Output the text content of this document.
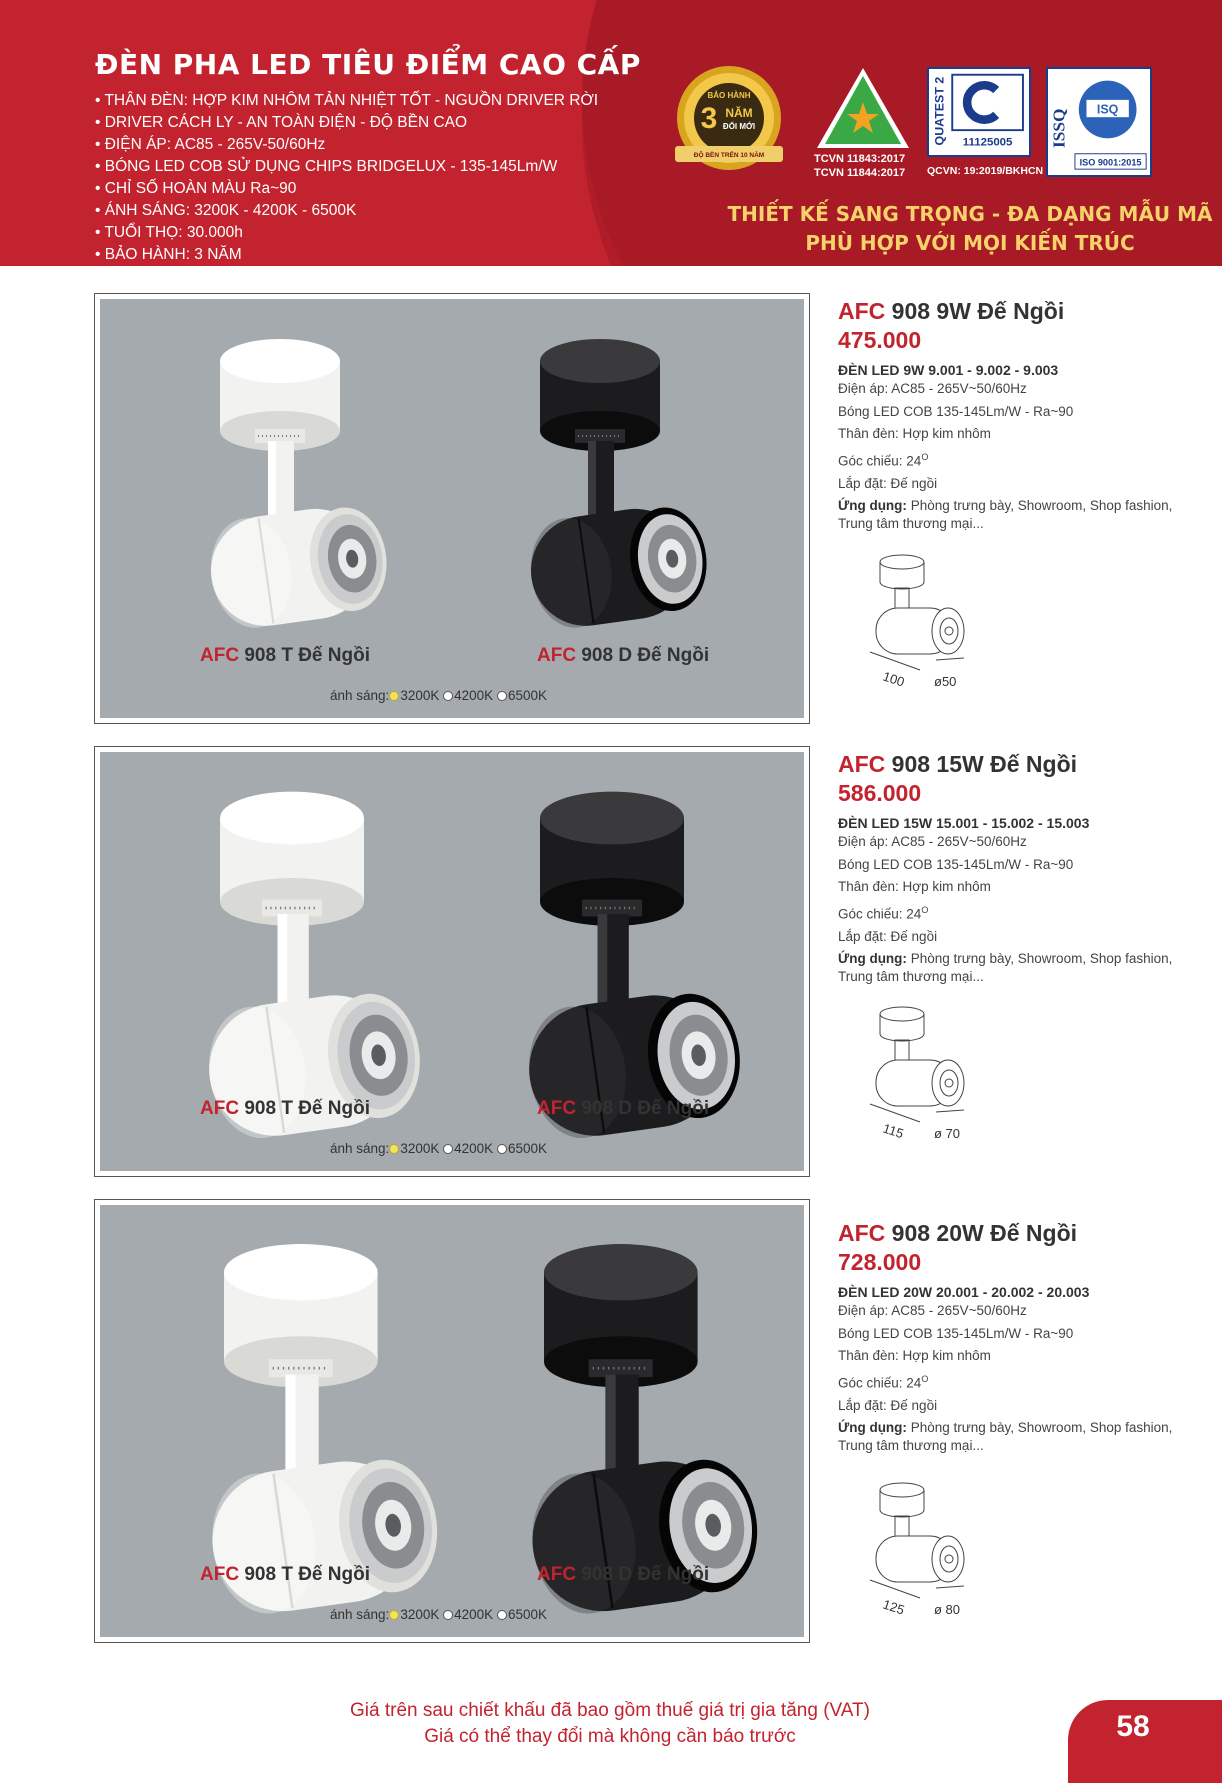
ĐÈN PHA LED TIÊU ĐIỂM CAO CẤP
• THÂN ĐÈN: HỢP KIM NHÔM TẢN NHIỆT TỐT - NGUỒN DRIVER RỜI
• DRIVER CÁCH LY - AN TOÀN ĐIỆN - ĐỘ BỀN CAO
• ĐIỆN ÁP: AC85 - 265V-50/60Hz
• BÓNG LED COB SỬ DỤNG CHIPS BRIDGELUX - 135-145Lm/W
• CHỈ SỐ HOÀN MÀU Ra~90
• ÁNH SÁNG: 3200K - 4200K - 6500K
• TUỔI THỌ: 30.000h
• BẢO HÀNH: 3 NĂM
BẢO HÀNH
3 NĂM
ĐỔI MỚI
ĐỘ BỀN TRÊN 10 NĂM	TCVN 11843:2017
TCVN 11844:2017
QUATEST 2 11125005
QCVN: 19:2019/BKHCN
ISSQ ISQ
ISO 9001:2015
THIẾT KẾ SANG TRỌNG - ĐA DẠNG MẪU MÃ
PHÙ HỢP VỚI MỌI KIẾN TRÚC
AFC 908 T Đế Ngồi	AFC 908 D Đế Ngồi
ánh sáng: 3200K 4200K 6500K
AFC 908 9W Đế Ngồi
475.000
ĐÈN LED 9W 9.001 - 9.002 - 9.003
Điện áp: AC85 - 265V~50/60Hz
Bóng LED COB 135-145Lm/W - Ra~90
Thân đèn: Hợp kim nhôm
Góc chiếu: $24^O$
Lắp đặt: Đế ngồi
Ứng dụng: Phòng trưng bày, Showroom, Shop fashion, Trung tâm thương mại...
100 ø50
AFC 908 T Đế Ngồi	AFC 908 D Đế Ngồi
ánh sáng: 3200K 4200K 6500K
AFC 908 15W Đế Ngồi
586.000
ĐÈN LED 15W 15.001 - 15.002 - 15.003
Điện áp: AC85 - 265V~50/60Hz
Bóng LED COB 135-145Lm/W - Ra~90
Thân đèn: Hợp kim nhôm
Góc chiếu: $24^O$
Lắp đặt: Đế ngồi
Ứng dụng: Phòng trưng bày, Showroom, Shop fashion, Trung tâm thương mại...
115 ø 70
AFC 908 T Đế Ngồi	AFC 908 D Đế Ngồi
ánh sáng: 3200K 4200K 6500K
AFC 908 20W Đế Ngồi
728.000
ĐÈN LED 20W 20.001 - 20.002 - 20.003
Điện áp: AC85 - 265V~50/60Hz
Bóng LED COB 135-145Lm/W - Ra~90
Thân đèn: Hợp kim nhôm
Góc chiếu: $24^O$
Lắp đặt: Đế ngồi
Ứng dụng: Phòng trưng bày, Showroom, Shop fashion, Trung tâm thương mại...
125 ø 80
Giá trên sau chiết khấu đã bao gồm thuế giá trị gia tăng (VAT)
Giá có thể thay đổi mà không cần báo trước	58
